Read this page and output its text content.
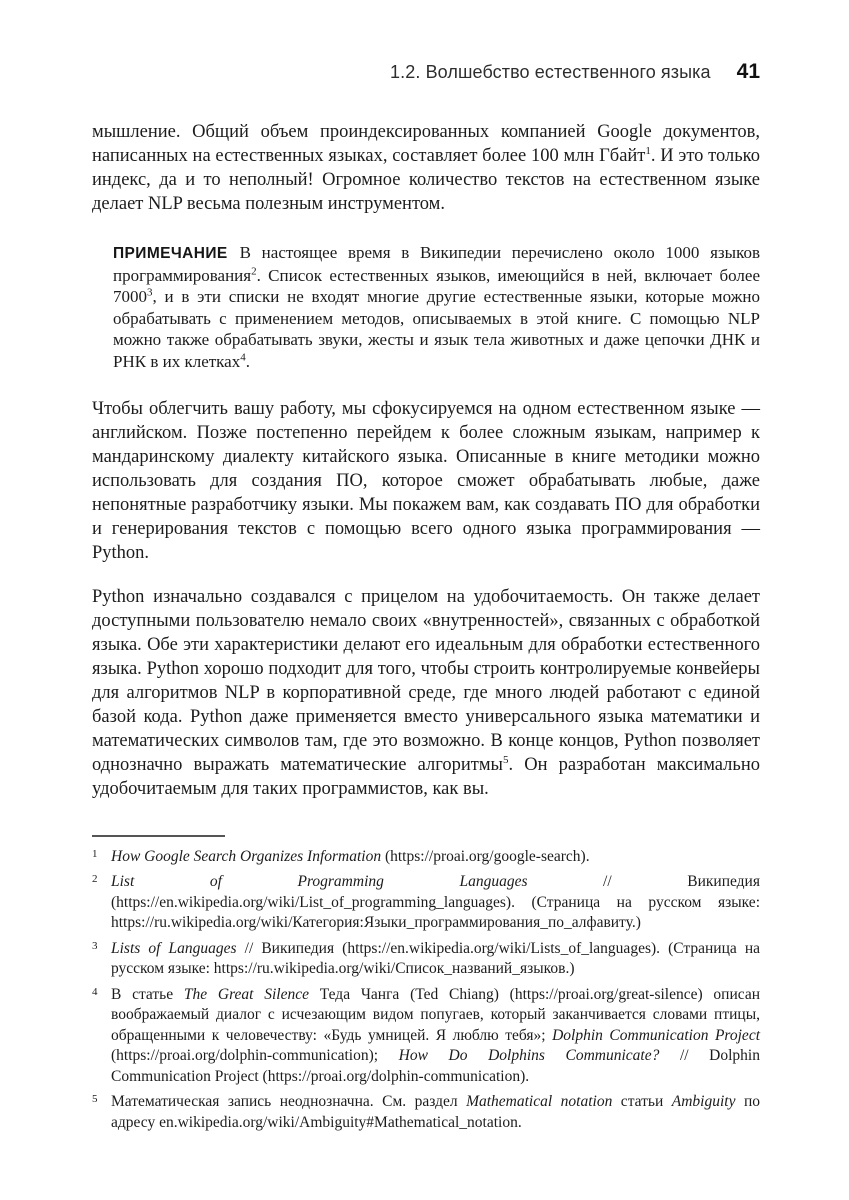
1.2. Волшебство естественного языка 41

мышление. Общий объем проиндексированных компанией Google документов, написанных на естественных языках, составляет более 100 млн Гбайт$^1$. И это только индекс, да и то неполный! Огромное количество текстов на естественном языке делает NLP весьма полезным инструментом.

ПРИМЕЧАНИЕ В настоящее время в Википедии перечислено около 1000 языков программирования$^2$. Список естественных языков, имеющийся в ней, включает более 7000$^3$, и в эти списки не входят многие другие естественные языки, которые можно обрабатывать с применением методов, описываемых в этой книге. С помощью NLP можно также обрабатывать звуки, жесты и язык тела животных и даже цепочки ДНК и РНК в их клетках$^4$.

Чтобы облегчить вашу работу, мы сфокусируемся на одном естественном языке — английском. Позже постепенно перейдем к более сложным языкам, например к мандаринскому диалекту китайского языка. Описанные в книге методики можно использовать для создания ПО, которое сможет обрабатывать любые, даже непонятные разработчику языки. Мы покажем вам, как создавать ПО для обработки и генерирования текстов с помощью всего одного языка программирования — Python.

Python изначально создавался с прицелом на удобочитаемость. Он также делает доступными пользователю немало своих «внутренностей», связанных с обработкой языка. Обе эти характеристики делают его идеальным для обработки естественного языка. Python хорошо подходит для того, чтобы строить контролируемые конвейеры для алгоритмов NLP в корпоративной среде, где много людей работают с единой базой кода. Python даже применяется вместо универсального языка математики и математических символов там, где это возможно. В конце концов, Python позволяет однозначно выражать математические алгоритмы$^5$. Он разработан максимально удобочитаемым для таких программистов, как вы.

1 How Google Search Organizes Information (https://proai.org/google-search).
2 List of Programming Languages // Википедия (https://en.wikipedia.org/wiki/List_of_programming_languages). (Страница на русском языке: https://ru.wikipedia.org/wiki/Категория:Языки_программирования_по_алфавиту.)
3 Lists of Languages // Википедия (https://en.wikipedia.org/wiki/Lists_of_languages). (Страница на русском языке: https://ru.wikipedia.org/wiki/Список_названий_языков.)
4 В статье The Great Silence Теда Чанга (Ted Chiang) (https://proai.org/great-silence) описан воображаемый диалог с исчезающим видом попугаев, который заканчивается словами птицы, обращенными к человечеству: «Будь умницей. Я люблю тебя»; Dolphin Communication Project (https://proai.org/dolphin-communication); How Do Dolphins Communicate? // Dolphin Communication Project (https://proai.org/dolphin-communication).
5 Математическая запись неоднозначна. См. раздел Mathematical notation статьи Ambiguity по адресу en.wikipedia.org/wiki/Ambiguity#Mathematical_notation.
